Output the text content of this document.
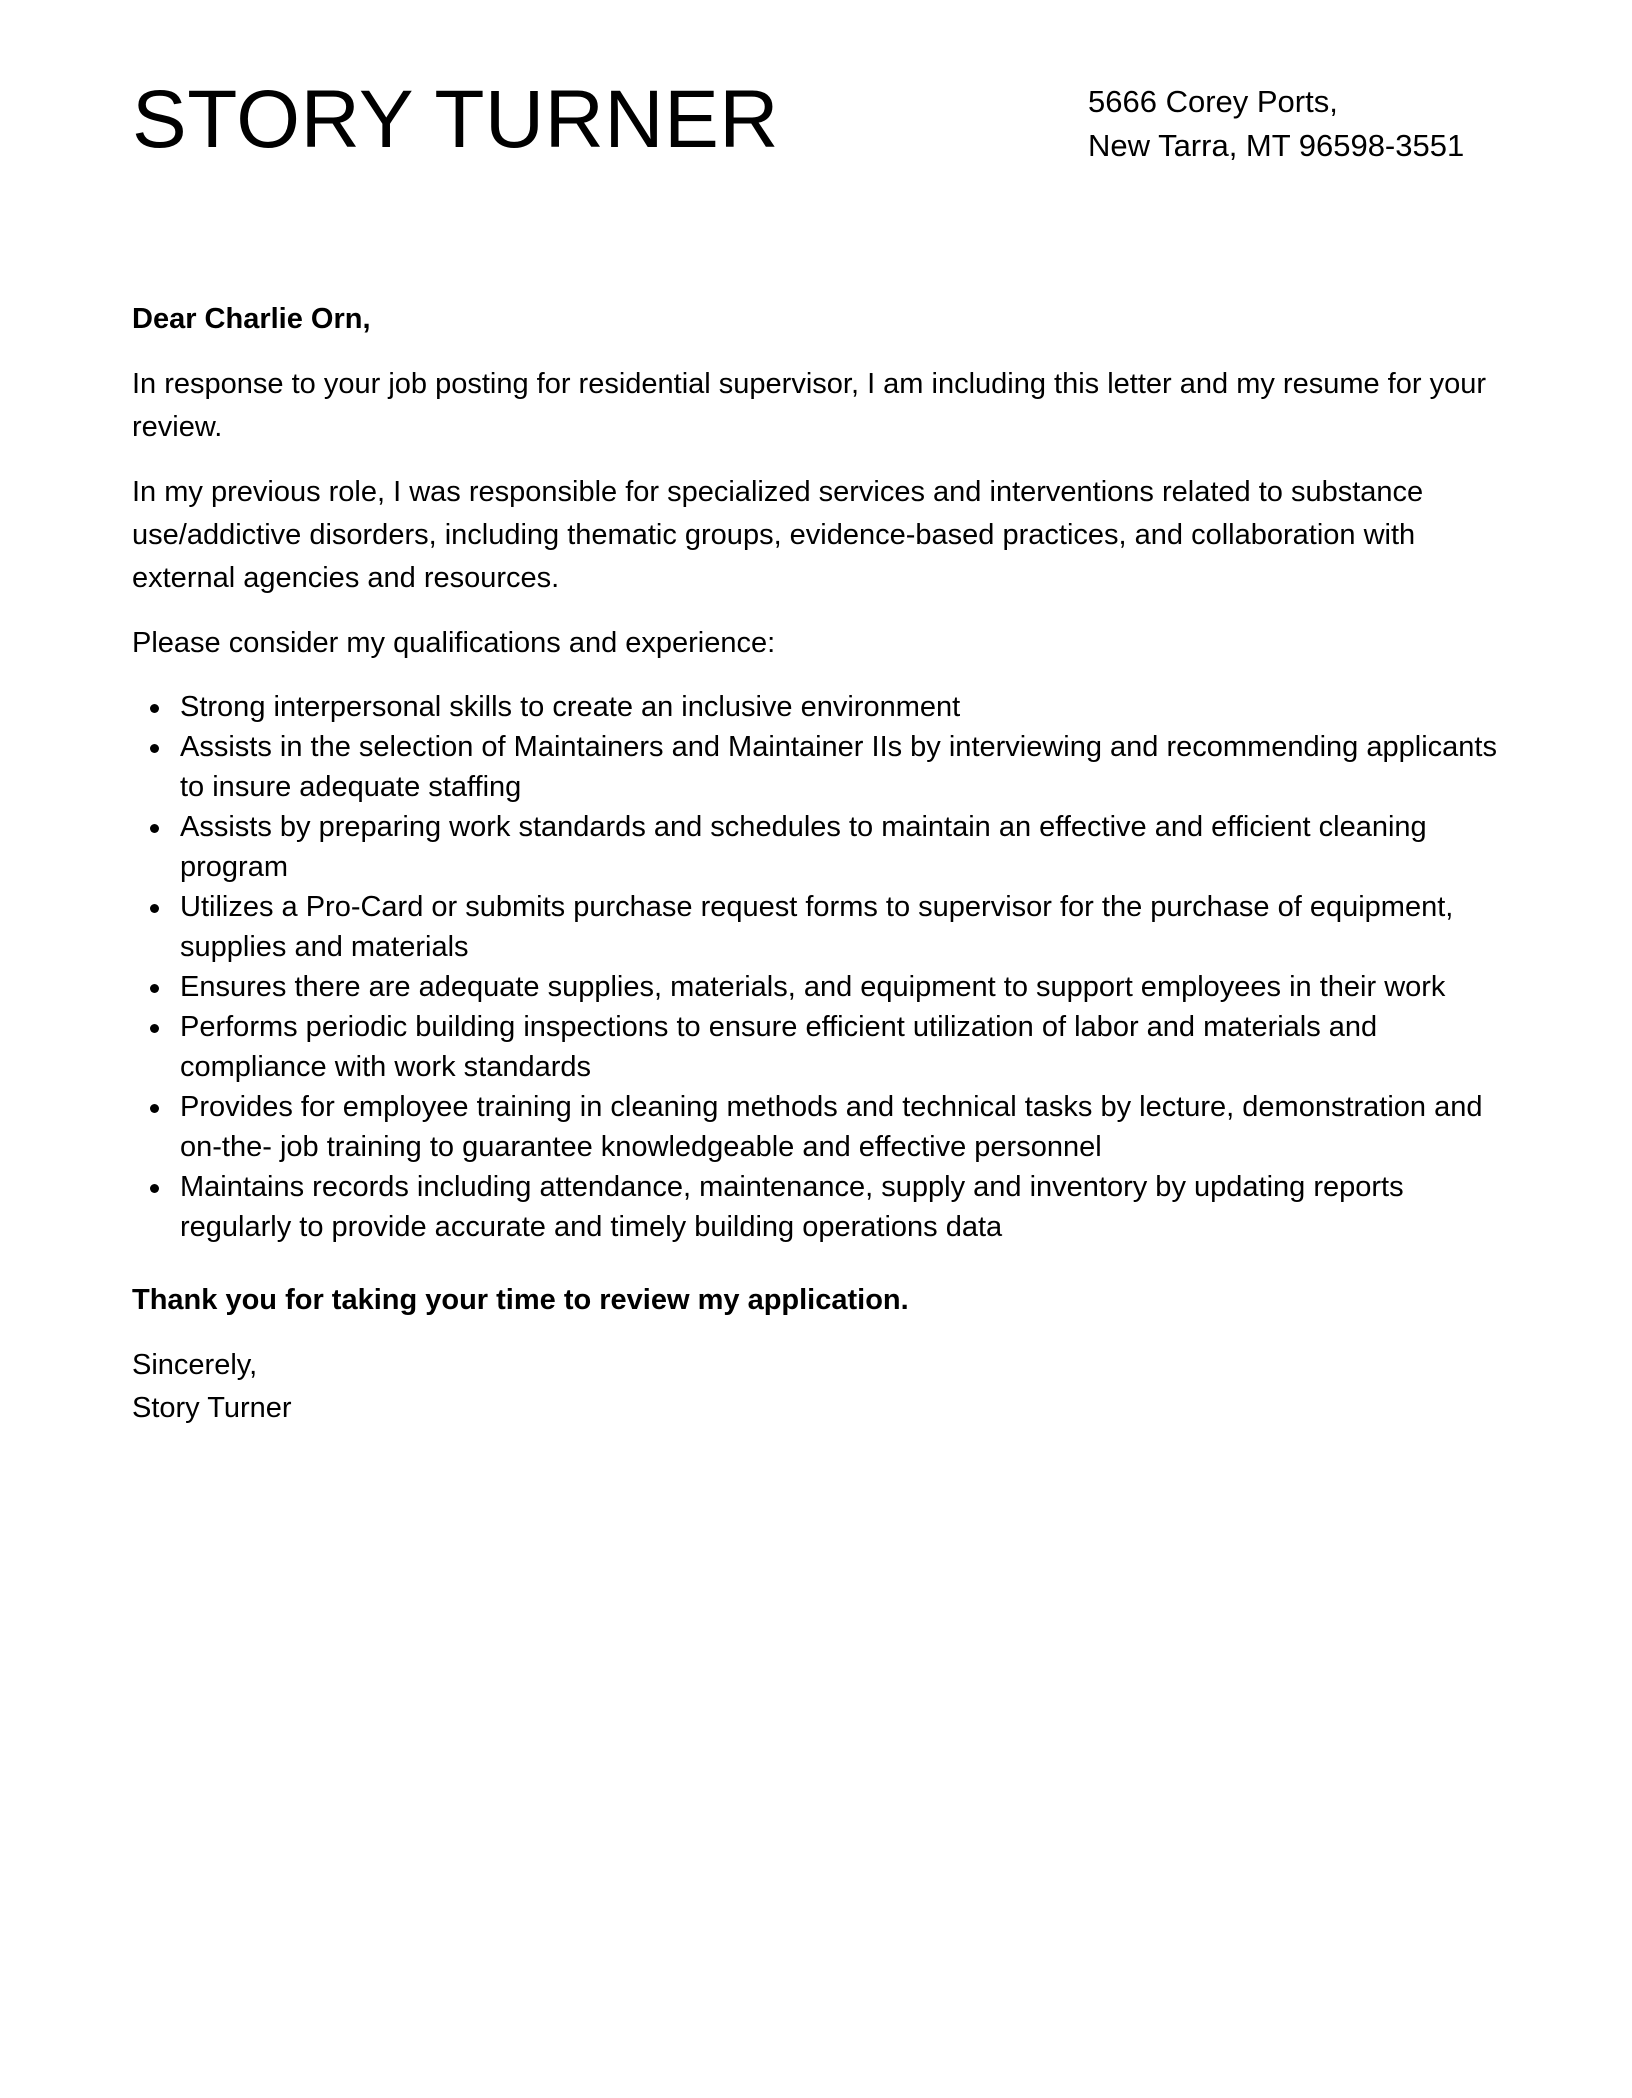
STORY TURNER	5666 Corey Ports,
New Tarra, MT 96598-3551

Dear Charlie Orn,

In response to your job posting for residential supervisor, I am including this letter and my resume for your review.

In my previous role, I was responsible for specialized services and interventions related to substance use/addictive disorders, including thematic groups, evidence-based practices, and collaboration with external agencies and resources.

Please consider my qualifications and experience:

Strong interpersonal skills to create an inclusive environment
Assists in the selection of Maintainers and Maintainer IIs by interviewing and recommending applicants to insure adequate staffing
Assists by preparing work standards and schedules to maintain an effective and efficient cleaning program
Utilizes a Pro-Card or submits purchase request forms to supervisor for the purchase of equipment, supplies and materials
Ensures there are adequate supplies, materials, and equipment to support employees in their work
Performs periodic building inspections to ensure efficient utilization of labor and materials and compliance with work standards
Provides for employee training in cleaning methods and technical tasks by lecture, demonstration and on-the- job training to guarantee knowledgeable and effective personnel
Maintains records including attendance, maintenance, supply and inventory by updating reports regularly to provide accurate and timely building operations data

Thank you for taking your time to review my application.

Sincerely,
Story Turner
